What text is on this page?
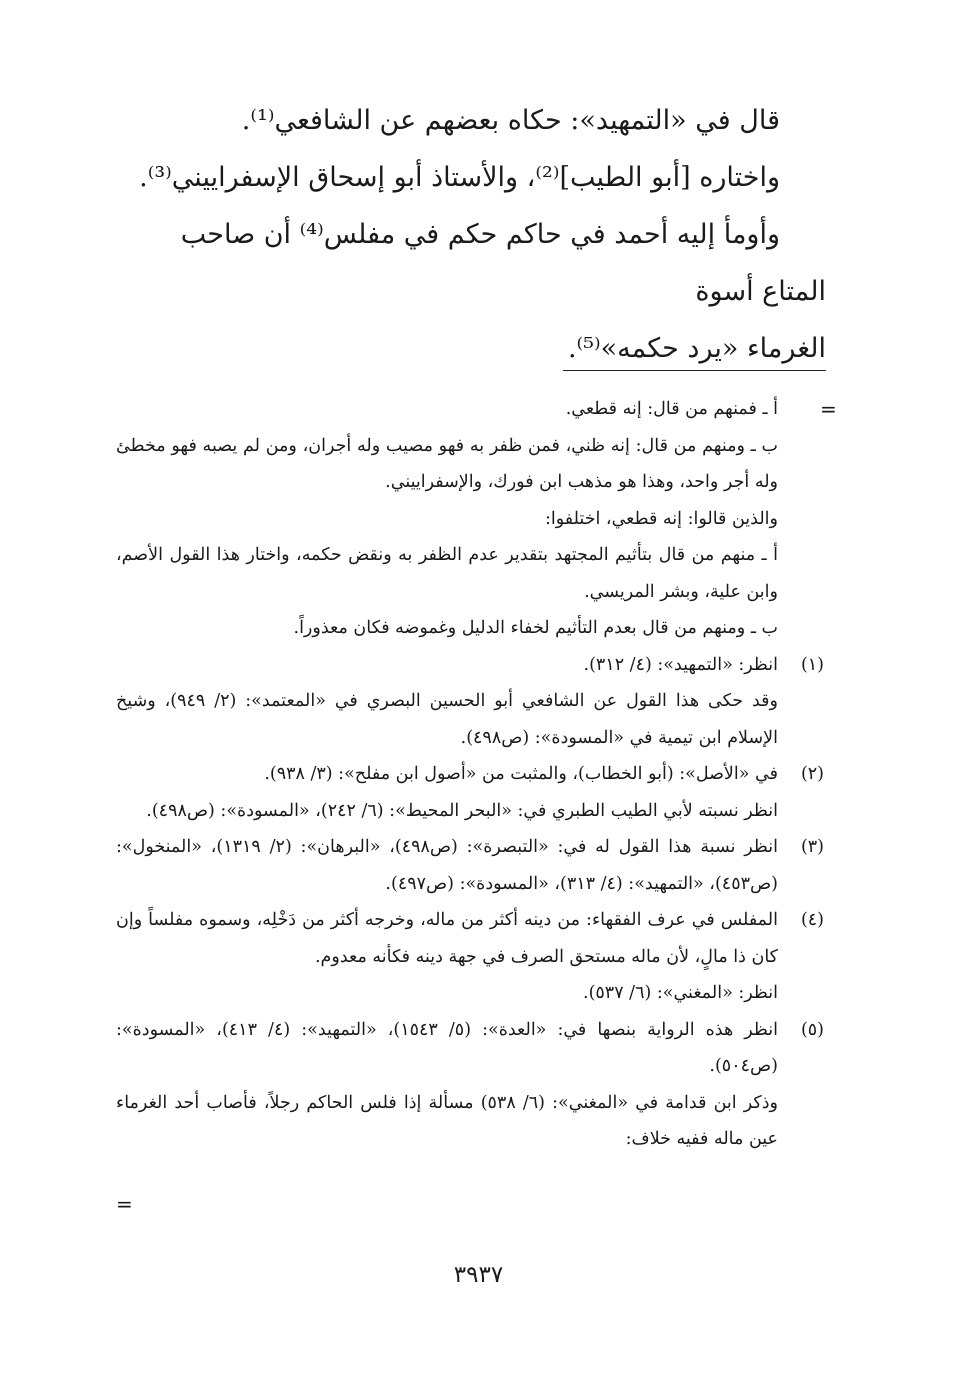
قال في «التمهيد»: حكاه بعضهم عن الشافعي⁽¹⁾.

واختاره [أبو الطيب]⁽²⁾، والأستاذ أبو إسحاق الإسفراييني⁽³⁾.

وأومأ إليه أحمد في حاكم حكم في مفلس⁽⁴⁾ أن صاحب المتاع أسوة

الغرماء «يرد حكمه»⁽⁵⁾.

=

أ ـ فمنهم من قال: إنه قطعي.

ب ـ ومنهم من قال: إنه ظني، فمن ظفر به فهو مصيب وله أجران، ومن لم يصبه فهو مخطئ وله أجر واحد، وهذا هو مذهب ابن فورك، والإسفراييني.

والذين قالوا: إنه قطعي، اختلفوا:

أ ـ منهم من قال بتأثيم المجتهد بتقدير عدم الظفر به ونقض حكمه، واختار هذا القول الأصم، وابن علية، وبشر المريسي.

ب ـ ومنهم من قال بعدم التأثيم لخفاء الدليل وغموضه فكان معذوراً.

(١)

انظر: «التمهيد»: (٤/ ٣١٢).

وقد حكى هذا القول عن الشافعي أبو الحسين البصري في «المعتمد»: (٢/ ٩٤٩)، وشيخ الإسلام ابن تيمية في «المسودة»: (ص٤٩٨).

(٢)

في «الأصل»: (أبو الخطاب)، والمثبت من «أصول ابن مفلح»: (٣/ ٩٣٨).

انظر نسبته لأبي الطيب الطبري في: «البحر المحيط»: (٦/ ٢٤٢)، «المسودة»: (ص٤٩٨).

(٣)

انظر نسبة هذا القول له في: «التبصرة»: (ص٤٩٨)، «البرهان»: (٢/ ١٣١٩)، «المنخول»: (ص٤٥٣)، «التمهيد»: (٤/ ٣١٣)، «المسودة»: (ص٤٩٧).

(٤)

المفلس في عرف الفقهاء: من دينه أكثر من ماله، وخرجه أكثر من دَخْلِه، وسموه مفلساً وإن كان ذا مالٍ، لأن ماله مستحق الصرف في جهة دينه فكأنه معدوم.

انظر: «المغني»: (٦/ ٥٣٧).

(٥)

انظر هذه الرواية بنصها في: «العدة»: (٥/ ١٥٤٣)، «التمهيد»: (٤/ ٤١٣)، «المسودة»: (ص٥٠٤).

وذكر ابن قدامة في «المغني»: (٦/ ٥٣٨) مسألة إذا فلس الحاكم رجلاً، فأصاب أحد الغرماء عين ماله ففيه خلاف:

=
٣٩٣٧
